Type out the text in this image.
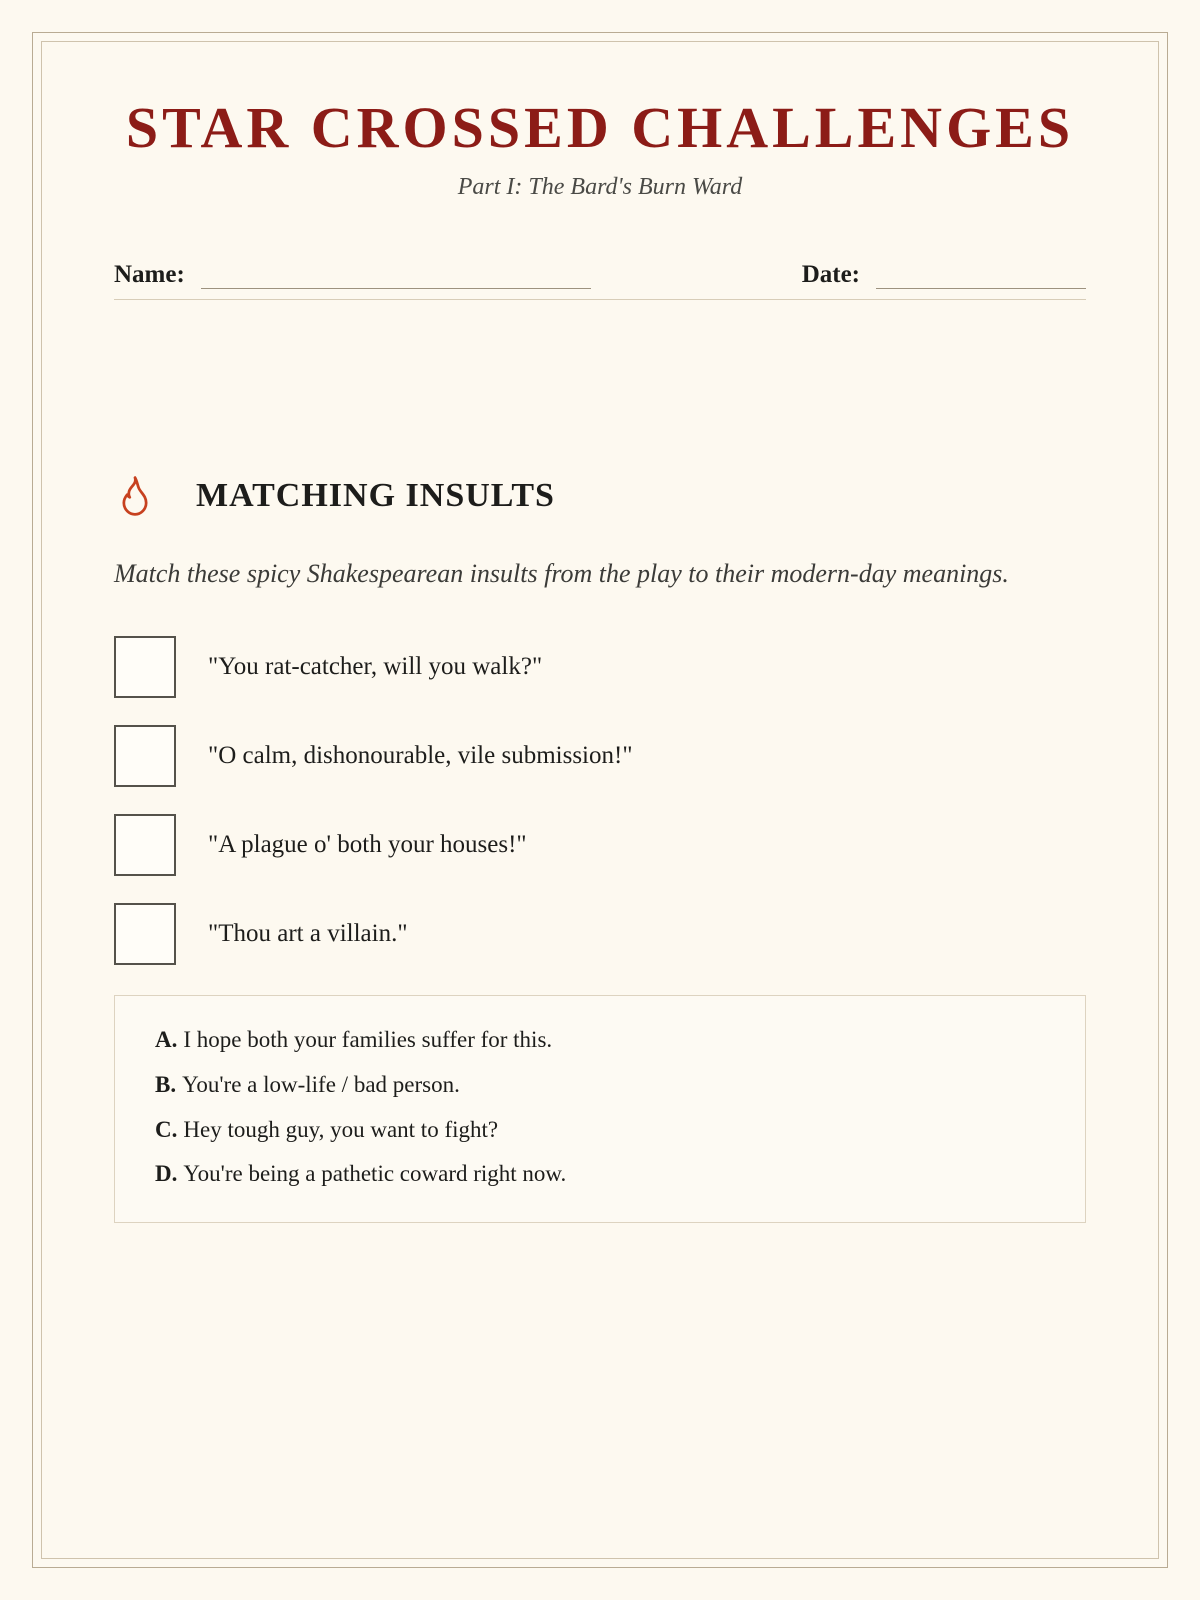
STAR CROSSED CHALLENGES

Part I: The Bard's Burn Ward

Name:	Date:
MATCHING INSULTS

Match these spicy Shakespearean insults from the play to their modern-day meanings.

"You rat-catcher, will you walk?"
"O calm, dishonourable, vile submission!"
"A plague o' both your houses!"
"Thou art a villain."
A. I hope both your families suffer for this.
B. You're a low-life / bad person.
C. Hey tough guy, you want to fight?
D. You're being a pathetic coward right now.
